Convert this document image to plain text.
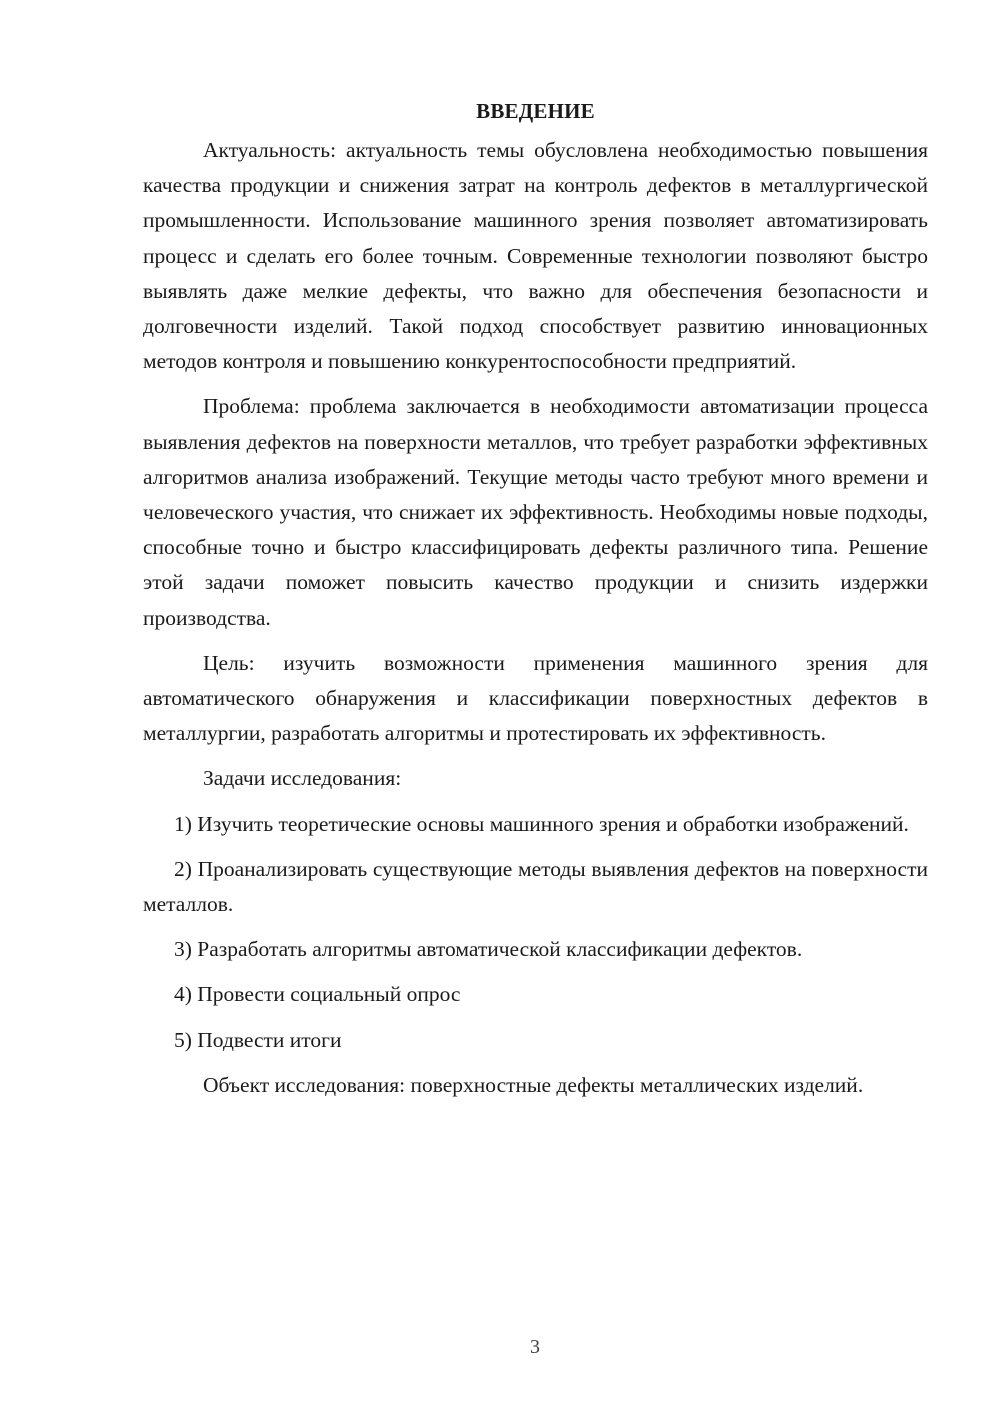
ВВЕДЕНИЕ

Актуальность: актуальность темы обусловлена необходимостью повышения качества продукции и снижения затрат на контроль дефектов в металлургической промышленности. Использование машинного зрения позволяет автоматизировать процесс и сделать его более точным. Современные технологии позволяют быстро выявлять даже мелкие дефекты, что важно для обеспечения безопасности и долговечности изделий. Такой подход способствует развитию инновационных методов контроля и повышению конкурентоспособности предприятий.

Проблема: проблема заключается в необходимости автоматизации процесса выявления дефектов на поверхности металлов, что требует разработки эффективных алгоритмов анализа изображений. Текущие методы часто требуют много времени и человеческого участия, что снижает их эффективность. Необходимы новые подходы, способные точно и быстро классифицировать дефекты различного типа. Решение этой задачи поможет повысить качество продукции и снизить издержки производства.

Цель: изучить возможности применения машинного зрения для автоматического обнаружения и классификации поверхностных дефектов в металлургии, разработать алгоритмы и протестировать их эффективность.

Задачи исследования:

1) Изучить теоретические основы машинного зрения и обработки изображений.

2) Проанализировать существующие методы выявления дефектов на поверхности металлов.

3) Разработать алгоритмы автоматической классификации дефектов.

4) Провести социальный опрос

5) Подвести итоги

Объект исследования: поверхностные дефекты металлических изделий.

3
